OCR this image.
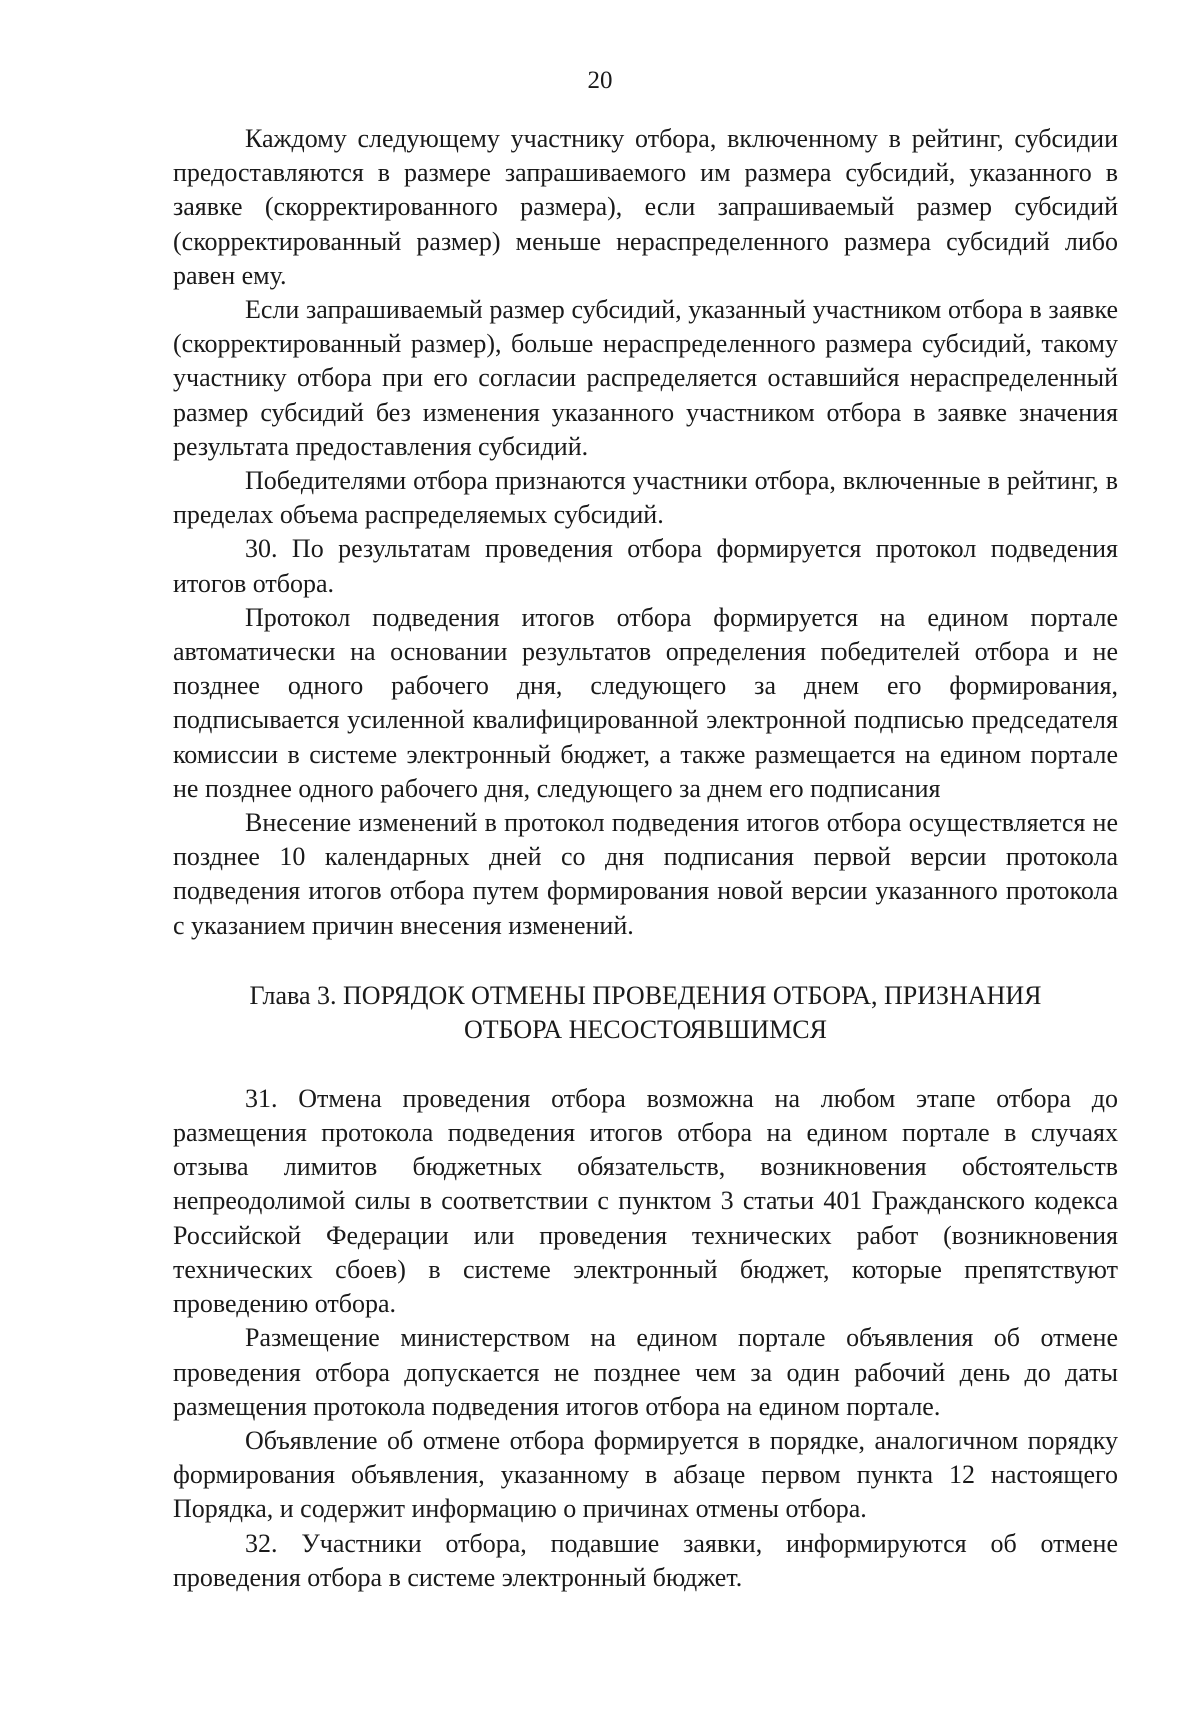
20

Каждому следующему участнику отбора, включенному в рейтинг, субсидии предоставляются в размере запрашиваемого им размера субсидий, указанного в заявке (скорректированного размера), если запрашиваемый размер субсидий (скорректированный размер) меньше нераспределенного размера субсидий либо равен ему.

Если запрашиваемый размер субсидий, указанный участником отбора в заявке (скорректированный размер), больше нераспределенного размера субсидий, такому участнику отбора при его согласии распределяется оставшийся нераспределенный размер субсидий без изменения указанного участником отбора в заявке значения результата предоставления субсидий.

Победителями отбора признаются участники отбора, включенные в рейтинг, в пределах объема распределяемых субсидий.

30. По результатам проведения отбора формируется протокол подведения итогов отбора.

Протокол подведения итогов отбора формируется на едином портале автоматически на основании результатов определения победителей отбора и не позднее одного рабочего дня, следующего за днем его формирования, подписывается усиленной квалифицированной электронной подписью председателя комиссии в системе электронный бюджет, а также размещается на едином портале не позднее одного рабочего дня, следующего за днем его подписания

Внесение изменений в протокол подведения итогов отбора осуществляется не позднее 10 календарных дней со дня подписания первой версии протокола подведения итогов отбора путем формирования новой версии указанного протокола с указанием причин внесения изменений.

Глава 3. ПОРЯДОК ОТМЕНЫ ПРОВЕДЕНИЯ ОТБОРА, ПРИЗНАНИЯ
ОТБОРА НЕСОСТОЯВШИМСЯ

31. Отмена проведения отбора возможна на любом этапе отбора до размещения протокола подведения итогов отбора на едином портале в случаях отзыва лимитов бюджетных обязательств, возникновения обстоятельств непреодолимой силы в соответствии с пунктом 3 статьи 401 Гражданского кодекса Российской Федерации или проведения технических работ (возникновения технических сбоев) в системе электронный бюджет, которые препятствуют проведению отбора.

Размещение министерством на едином портале объявления об отмене проведения отбора допускается не позднее чем за один рабочий день до даты размещения протокола подведения итогов отбора на едином портале.

Объявление об отмене отбора формируется в порядке, аналогичном порядку формирования объявления, указанному в абзаце первом пункта 12 настоящего Порядка, и содержит информацию о причинах отмены отбора.

32. Участники отбора, подавшие заявки, информируются об отмене проведения отбора в системе электронный бюджет.
